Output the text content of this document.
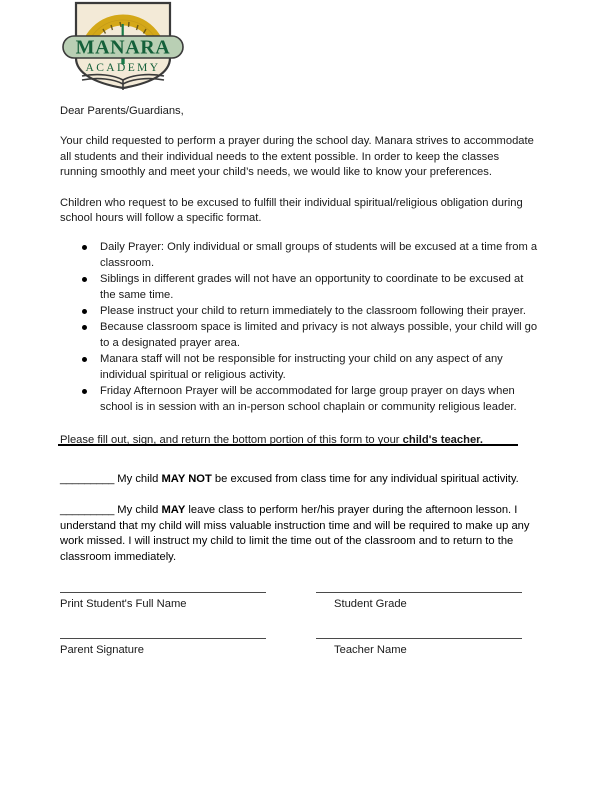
MANARA
ACADEMY

Dear Parents/Guardians,

Your child requested to perform a prayer during the school day. Manara strives to accommodate all students and their individual needs to the extent possible. In order to keep the classes running smoothly and meet your child’s needs, we would like to know your preferences.

Children who request to be excused to fulfill their individual spiritual/religious obligation during school hours will follow a specific format.

Daily Prayer: Only individual or small groups of students will be excused at a time from a classroom.
Siblings in different grades will not have an opportunity to coordinate to be excused at the same time.
Please instruct your child to return immediately to the classroom following their prayer.
Because classroom space is limited and privacy is not always possible, your child will go to a designated prayer area.
Manara staff will not be responsible for instructing your child on any aspect of any individual spiritual or religious activity.
Friday Afternoon Prayer will be accommodated for large group prayer on days when school is in session with an in-person school chaplain or community religious leader.

Please fill out, sign, and return the bottom portion of this form to your child's teacher.

_________ My child MAY NOT be excused from class time for any individual spiritual activity.

_________ My child MAY leave class to perform her/his prayer during the afternoon lesson. I understand that my child will miss valuable instruction time and will be required to make up any work missed. I will instruct my child to limit the time out of the classroom and to return to the classroom immediately.

Print Student's Full Name	Student Grade
Parent Signature	Teacher Name
